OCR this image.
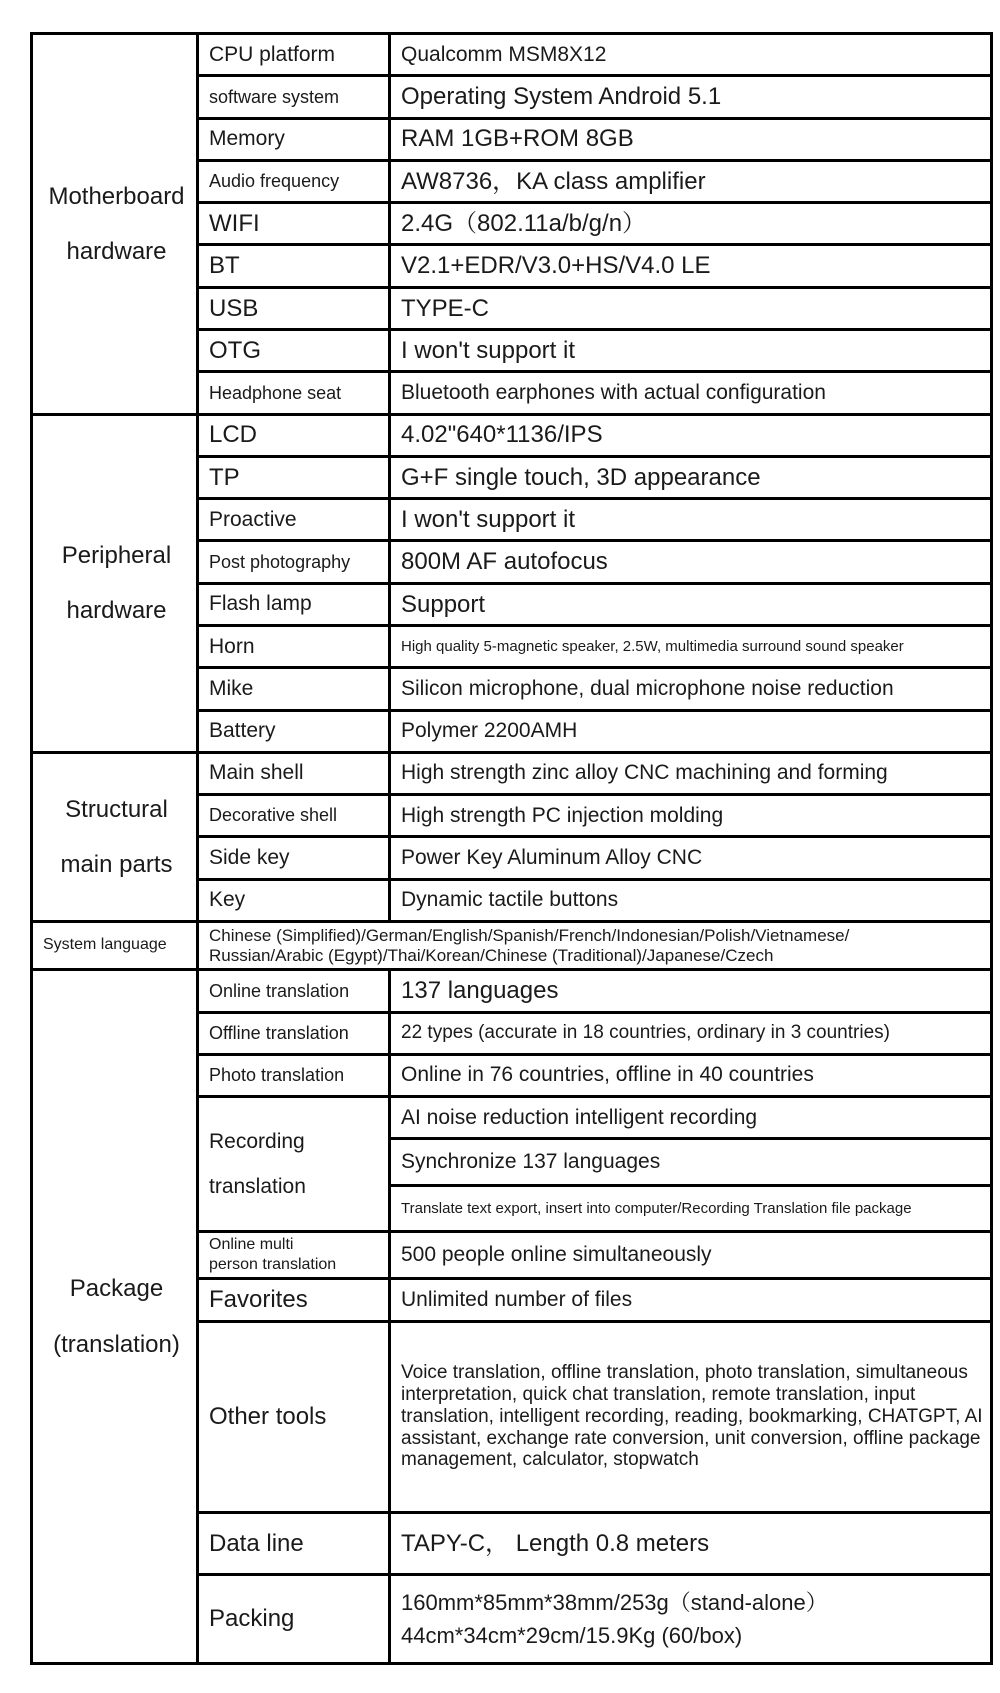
Motherboard
hardware	CPU platform	Qualcomm MSM8X12
	software system	Operating System Android 5.1
	Memory	RAM 1GB+ROM 8GB
	Audio frequency	AW8736，KA class amplifier
	WIFI	2.4G（802.11a/b/g/n）
	BT	V2.1+EDR/V3.0+HS/V4.0 LE
	USB	TYPE-C
	OTG	I won't support it
	Headphone seat	Bluetooth earphones with actual configuration

Peripheral
hardware	LCD	4.02"640*1136/IPS
	TP	G+F single touch, 3D appearance
	Proactive	I won't support it
	Post photography	800M AF autofocus
	Flash lamp	Support
	Horn	High quality 5-magnetic speaker, 2.5W, multimedia surround sound speaker
	Mike	Silicon microphone, dual microphone noise reduction
	Battery	Polymer 2200AMH

Structural
main parts	Main shell	High strength zinc alloy CNC machining and forming
	Decorative shell	High strength PC injection molding
	Side key	Power Key Aluminum Alloy CNC
	Key	Dynamic tactile buttons
System language	Chinese (Simplified)/German/English/Spanish/French/Indonesian/Polish/Vietnamese/
Russian/Arabic (Egypt)/Thai/Korean/Chinese (Traditional)/Japanese/Czech	

Package
(translation)	Online translation	137 languages
	Offline translation	22 types (accurate in 18 countries, ordinary in 3 countries)
	Photo translation	Online in 76 countries, offline in 40 countries

	Recording
translation	AI noise reduction intelligent recording
		Synchronize 137 languages
		Translate text export, insert into computer/Recording Translation file package

	Online multi
person translation	500 people online simultaneously
	Favorites	Unlimited number of files
	Other tools	Voice translation, offline translation, photo translation, simultaneous interpretation, quick chat translation, remote translation, input translation, intelligent recording, reading, bookmarking, CHATGPT, AI assistant, exchange rate conversion, unit conversion, offline package management, calculator, stopwatch
	Data line	TAPY-C， Length 0.8 meters
	Packing	160mm*85mm*38mm/253g（stand-alone）
44cm*34cm*29cm/15.9Kg (60/box)
